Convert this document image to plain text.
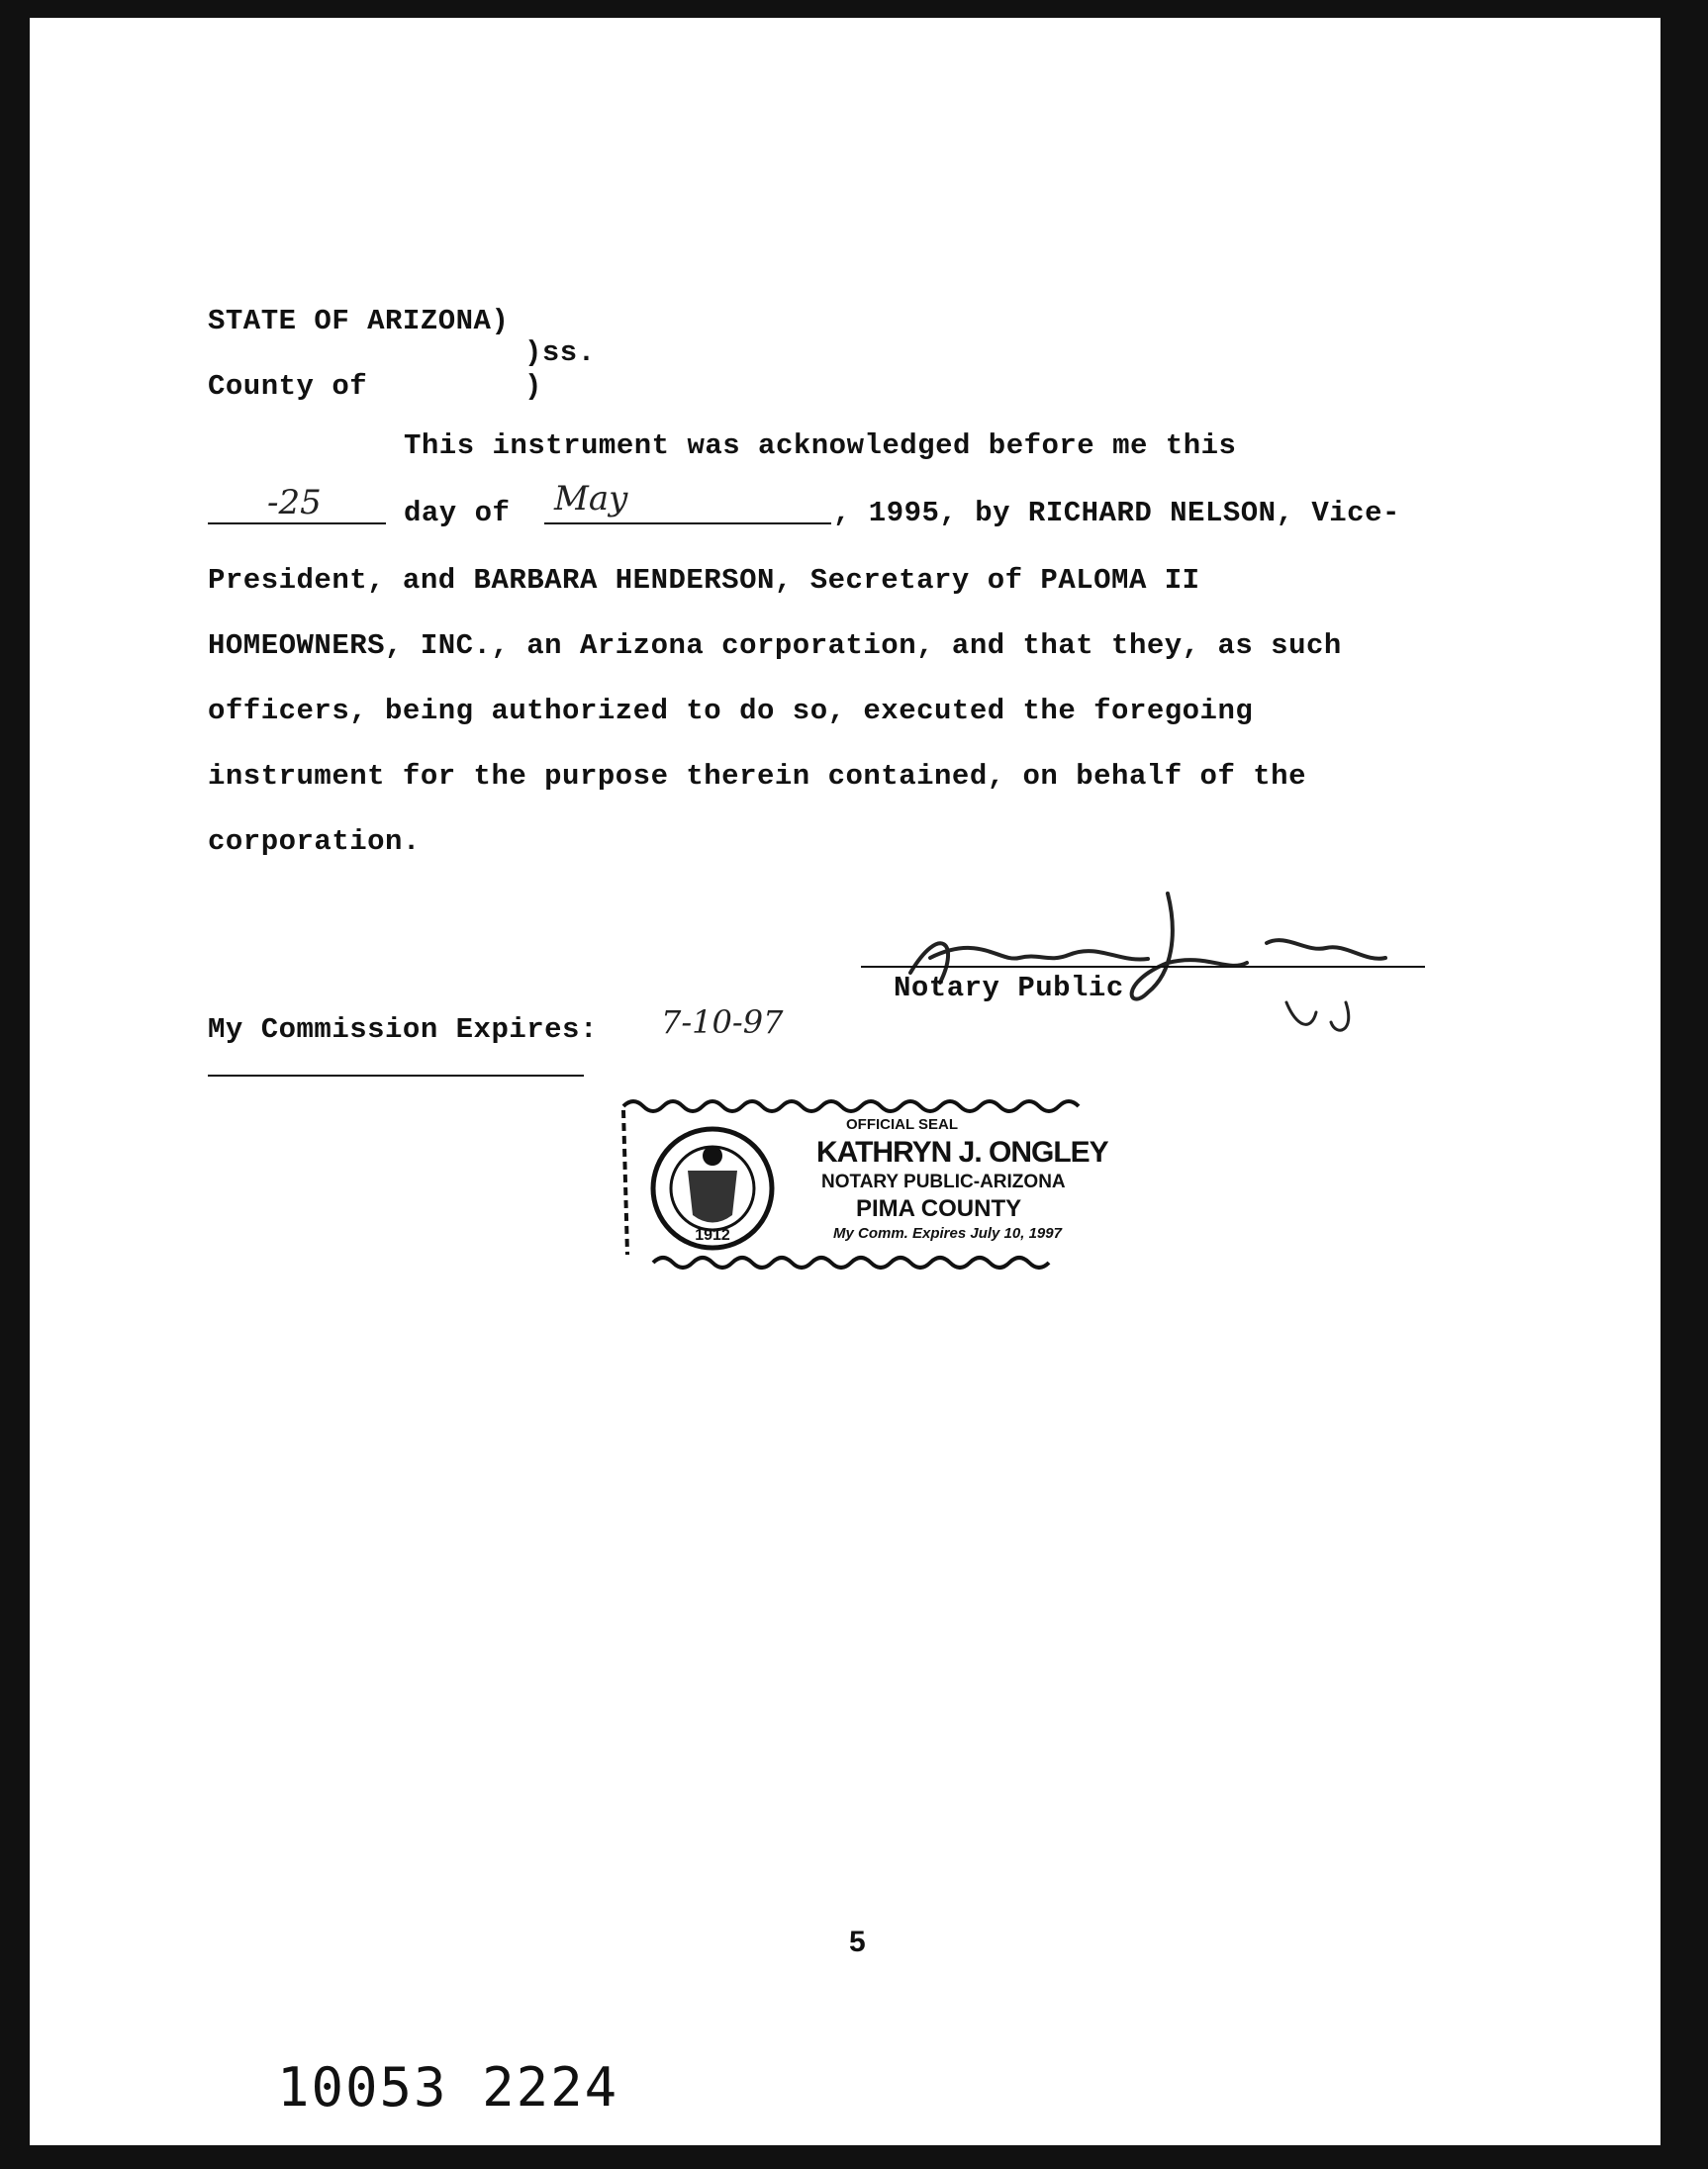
STATE OF ARIZONA)
)ss.
County of	)
This instrument was acknowledged before me this
-25	day of May	, 1995, by RICHARD NELSON, Vice-
President, and BARBARA HENDERSON, Secretary of PALOMA II
HOMEOWNERS, INC., an Arizona corporation, and that they, as such
officers, being authorized to do so, executed the foregoing
instrument for the purpose therein contained, on behalf of the
corporation.
Notary Public
My Commission Expires: 7-10-97
1912
OFFICIAL SEAL
KATHRYN J. ONGLEY
NOTARY PUBLIC-ARIZONA
PIMA COUNTY
My Comm. Expires July 10, 1997
5
10053 2224
